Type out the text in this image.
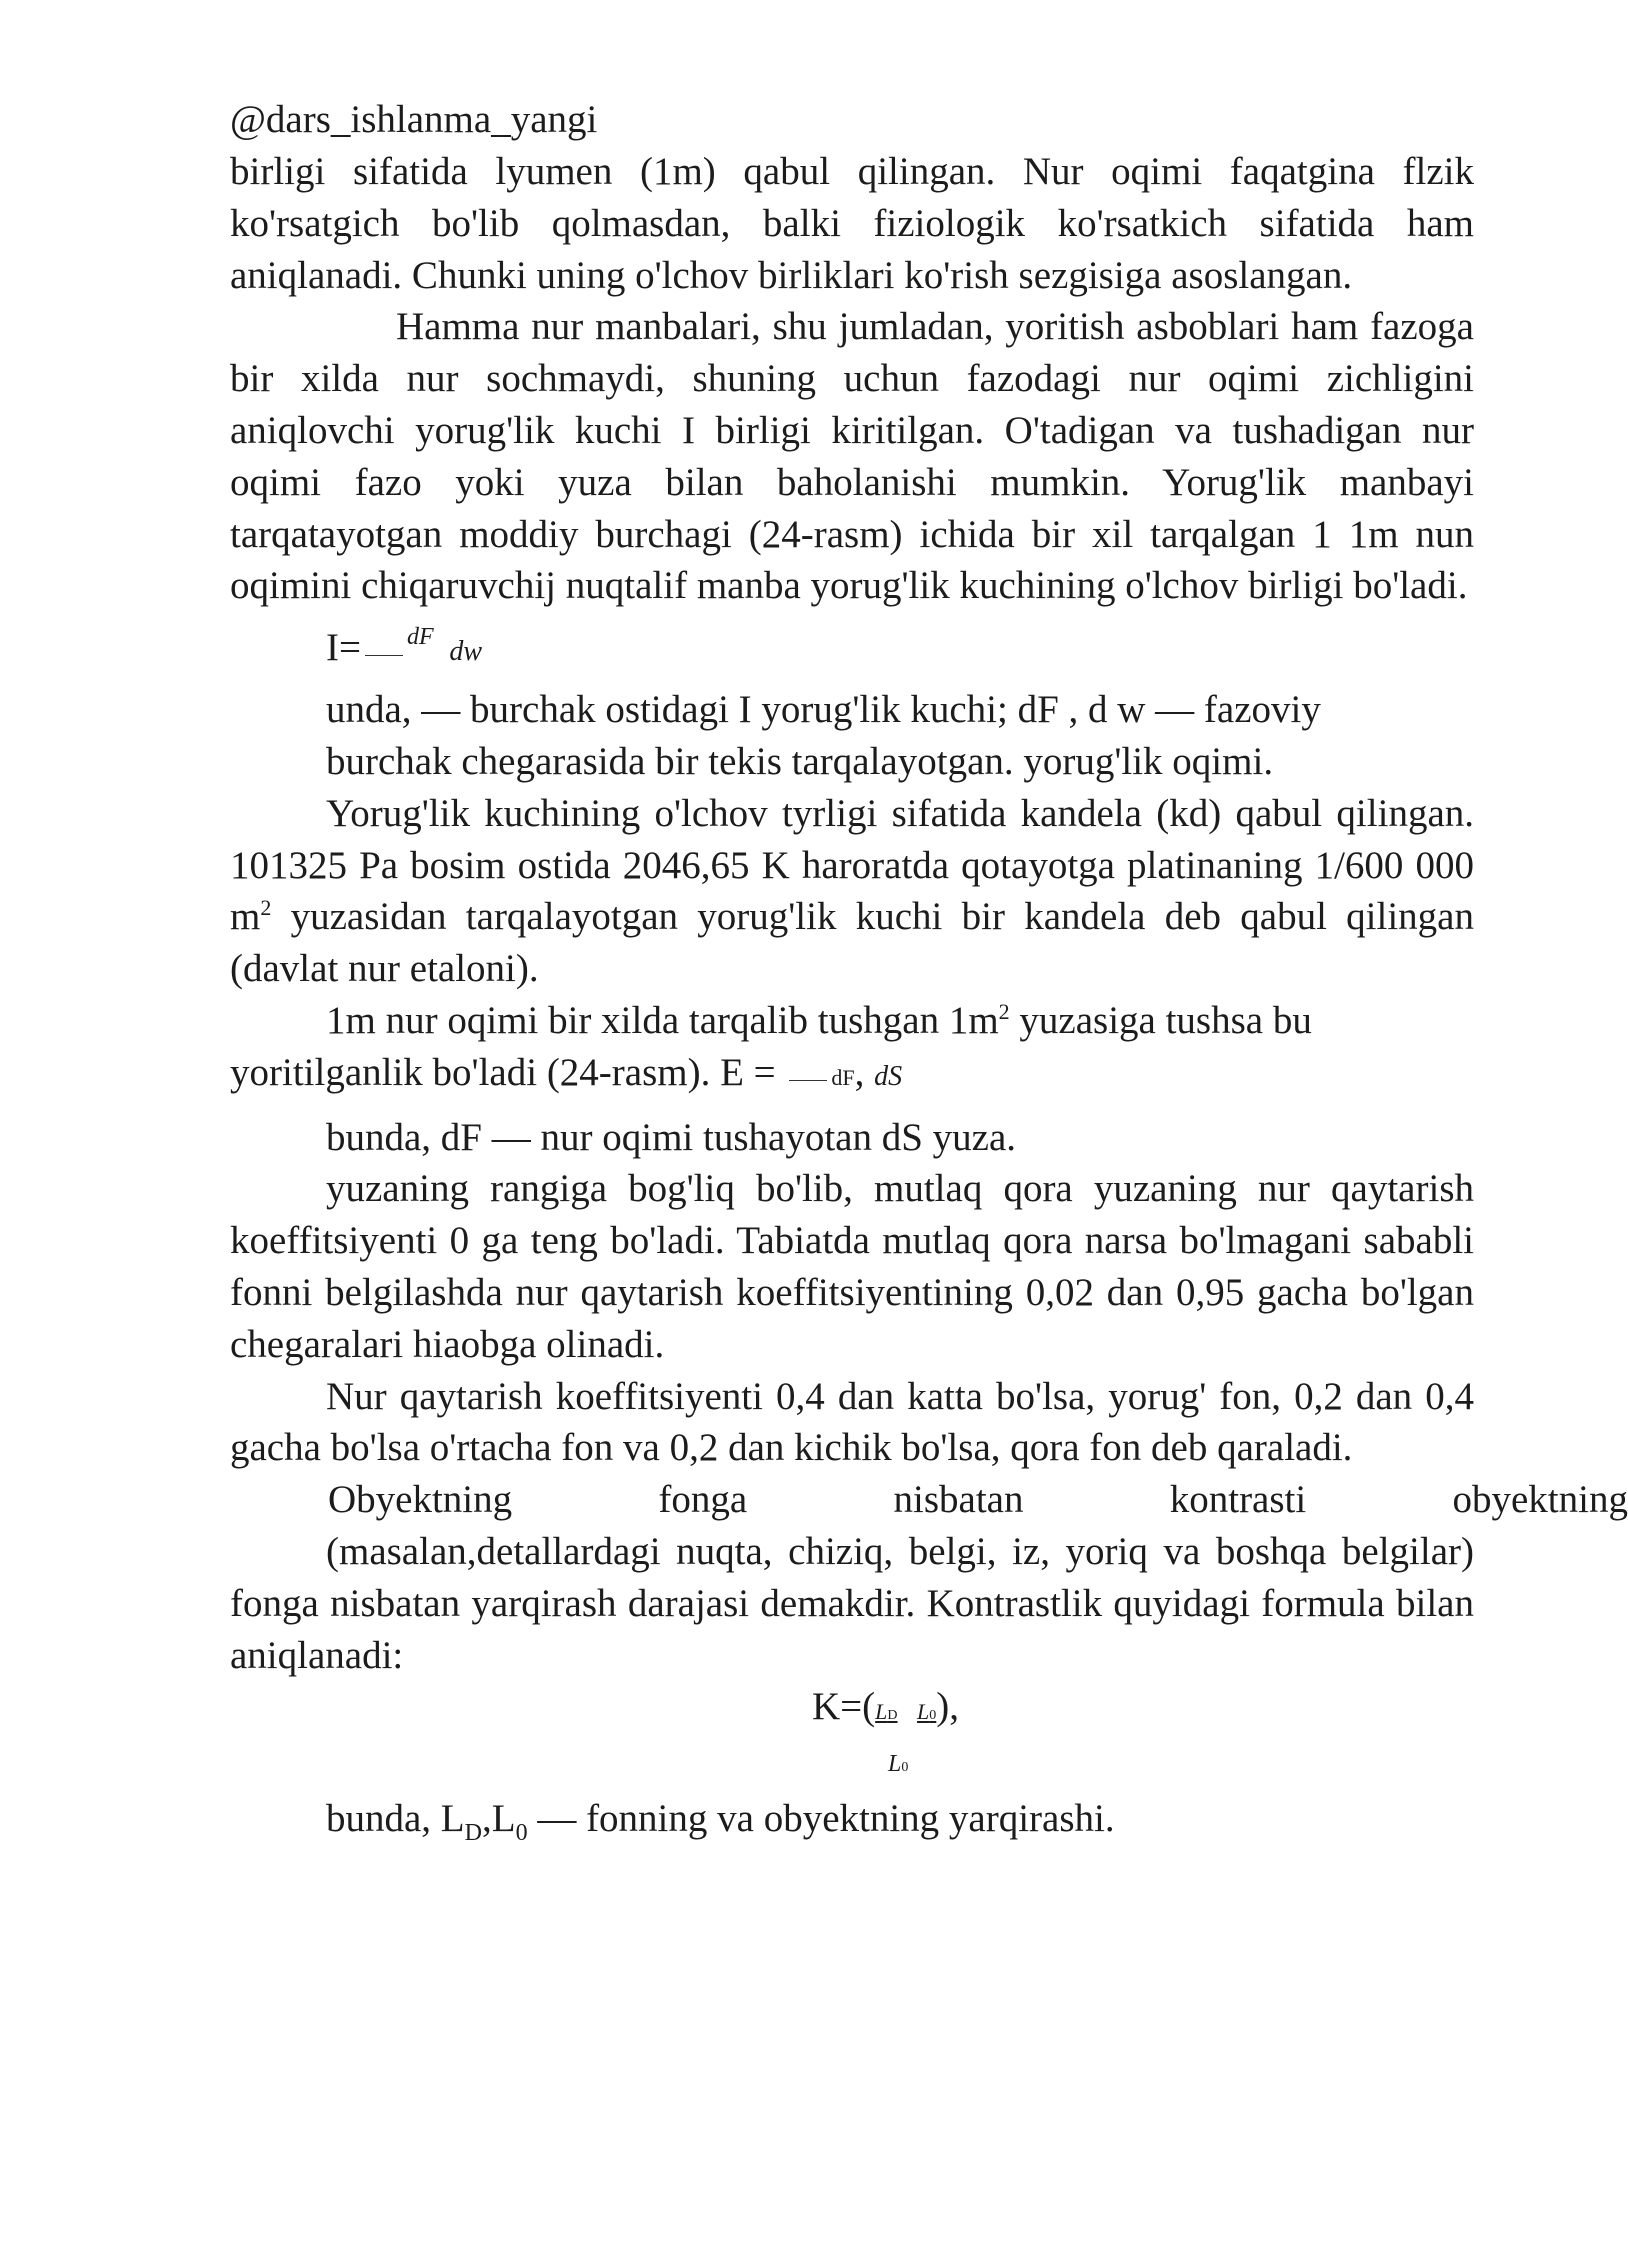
@dars_ishlanma_yangi

birligi sifatida lyumen (1m) qabul qilingan. Nur oqimi faqatgina flzik ko'rsatgich bo'lib qolmasdan, balki fiziologik ko'rsatkich sifatida ham aniqlanadi. Chunki uning o'lchov birliklari ko'rish sezgisiga asoslangan.

Hamma nur manbalari, shu jumladan, yoritish asboblari ham fazoga bir xilda nur sochmaydi, shuning uchun fazodagi nur oqimi zichligini aniqlovchi yorug'lik kuchi I birligi kiritilgan. O'tadigan va tushadigan nur oqimi fazo yoki yuza bilan baholanishi mumkin. Yorug'lik manbayi tarqatayotgan moddiy burchagi (24-rasm) ichida bir xil tarqalgan 1 1m nun oqimini chiqaruvchij nuqtalif manba yorug'lik kuchining o'lchov birligi bo'ladi.

I= $^{dF}$ dw

unda, — burchak ostidagi I yorug'lik kuchi; dF , d w — fazoviy

burchak chegarasida bir tekis tarqalayotgan. yorug'lik oqimi.

Yorug'lik kuchining o'lchov tyrligi sifatida kandela (kd) qabul qilingan. 101325 Pa bosim ostida 2046,65 K haroratda qotayotga platinaning 1/600 000 $m^2$ yuzasidan tarqalayotgan yorug'lik kuchi bir kandela deb qabul qilingan (davlat nur etaloni).

1m nur oqimi bir xilda tarqalib tushgan $1m^2$ yuzasiga tushsa bu yoritilganlik bo'ladi (24-rasm). E = dF, dS

bunda, dF — nur oqimi tushayotan dS yuza.

yuzaning rangiga bog'liq bo'lib, mutlaq qora yuzaning nur qaytarish koeffitsiyenti 0 ga teng bo'ladi. Tabiatda mutlaq qora narsa bo'lmagani sababli fonni belgilashda nur qaytarish koeffitsiyentining 0,02 dan 0,95 gacha bo'lgan chegaralari hiaobga olinadi.

Nur qaytarish koeffitsiyenti 0,4 dan katta bo'lsa, yorug' fon, 0,2 dan 0,4 gacha bo'lsa o'rtacha fon va 0,2 dan kichik bo'lsa, qora fon deb qaraladi.

Obyektning	fonga	nisbatan	kontrasti	obyektning

(masalan,detallardagi nuqta, chiziq, belgi, iz, yoriq va boshqa belgilar) fonga nisbatan yarqirash darajasi demakdir. Kontrastlik quyidagi formula bilan aniqlanadi:

K=(LD L0),
L0

bunda, $L_D,L_0$ — fonning va obyektning yarqirashi.
